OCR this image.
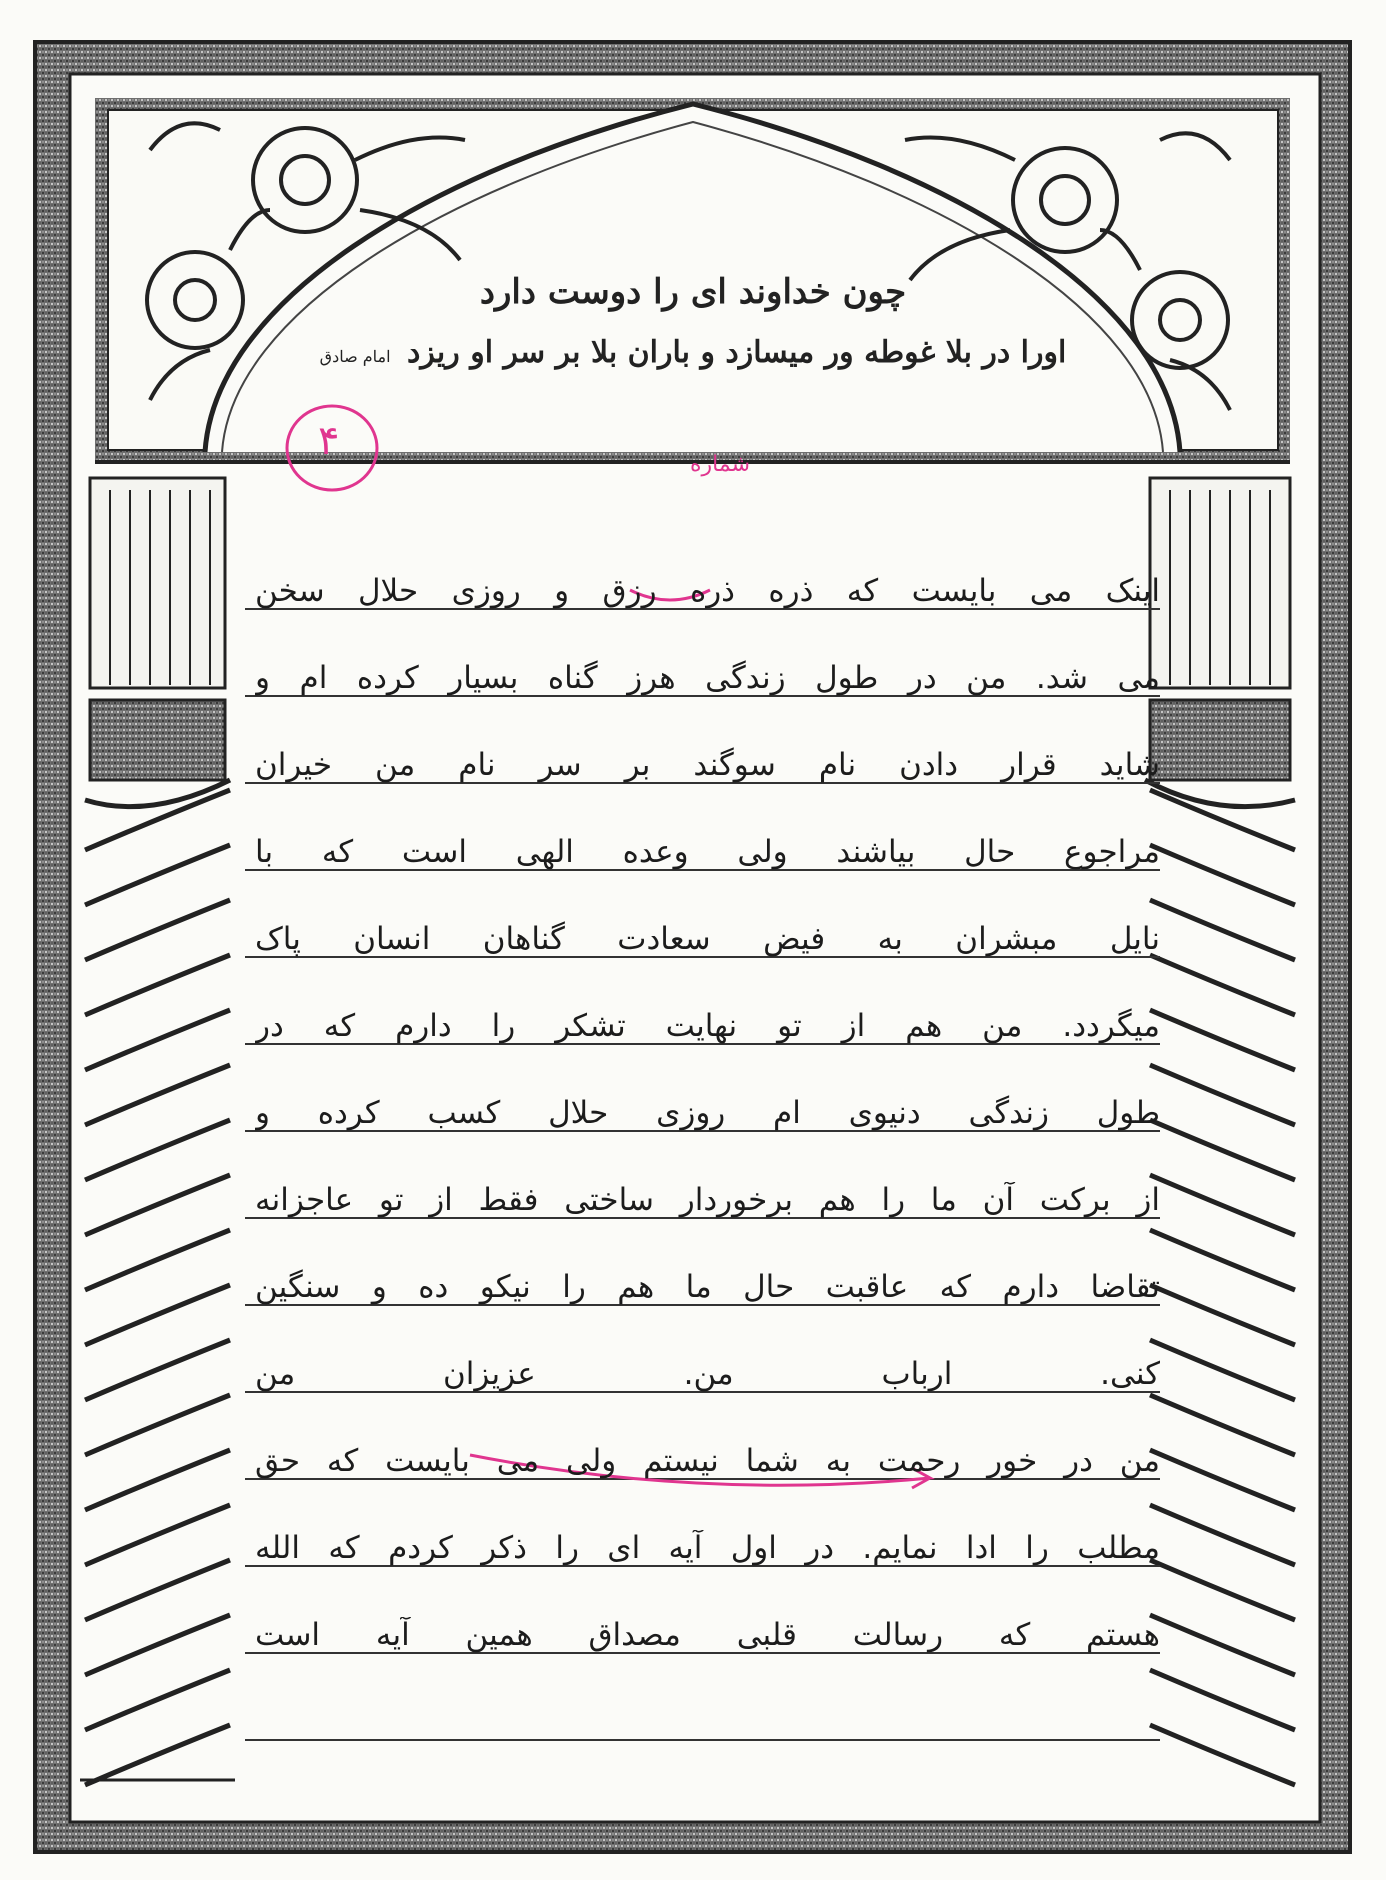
چون خداوند ای را دوست دارد
اورا در بلا غوطه ور میسازد و باران بلا بر سر او ریزد امام صادق
۴
شماره
اینک می بایست که ذره ذره رزق و روزی حلال سخن
می شد. من در طول زندگی هرز گناه بسیار کرده ام و
شاید قرار دادن نام سوگند بر سر نام من خیران
مراجوع حال بیاشند ولی وعده الهی است که با
نایل مبشران به فیض سعادت گناهان انسان پاک
میگردد. من هم از تو نهایت تشکر را دارم که در
طول زندگی دنیوی ام روزی حلال کسب کرده و
از برکت آن ما را هم برخوردار ساختی فقط از تو عاجزانه
تقاضا دارم که عاقبت حال ما هم را نیکو ده و سنگین
کنی. ارباب من. عزیزان من
من در خور رحمت به شما نیستم ولی می بایست که حق
مطلب را ادا نمایم. در اول آیه ای را ذکر کردم که الله
هستم که رسالت قلبی مصداق همین آیه است
